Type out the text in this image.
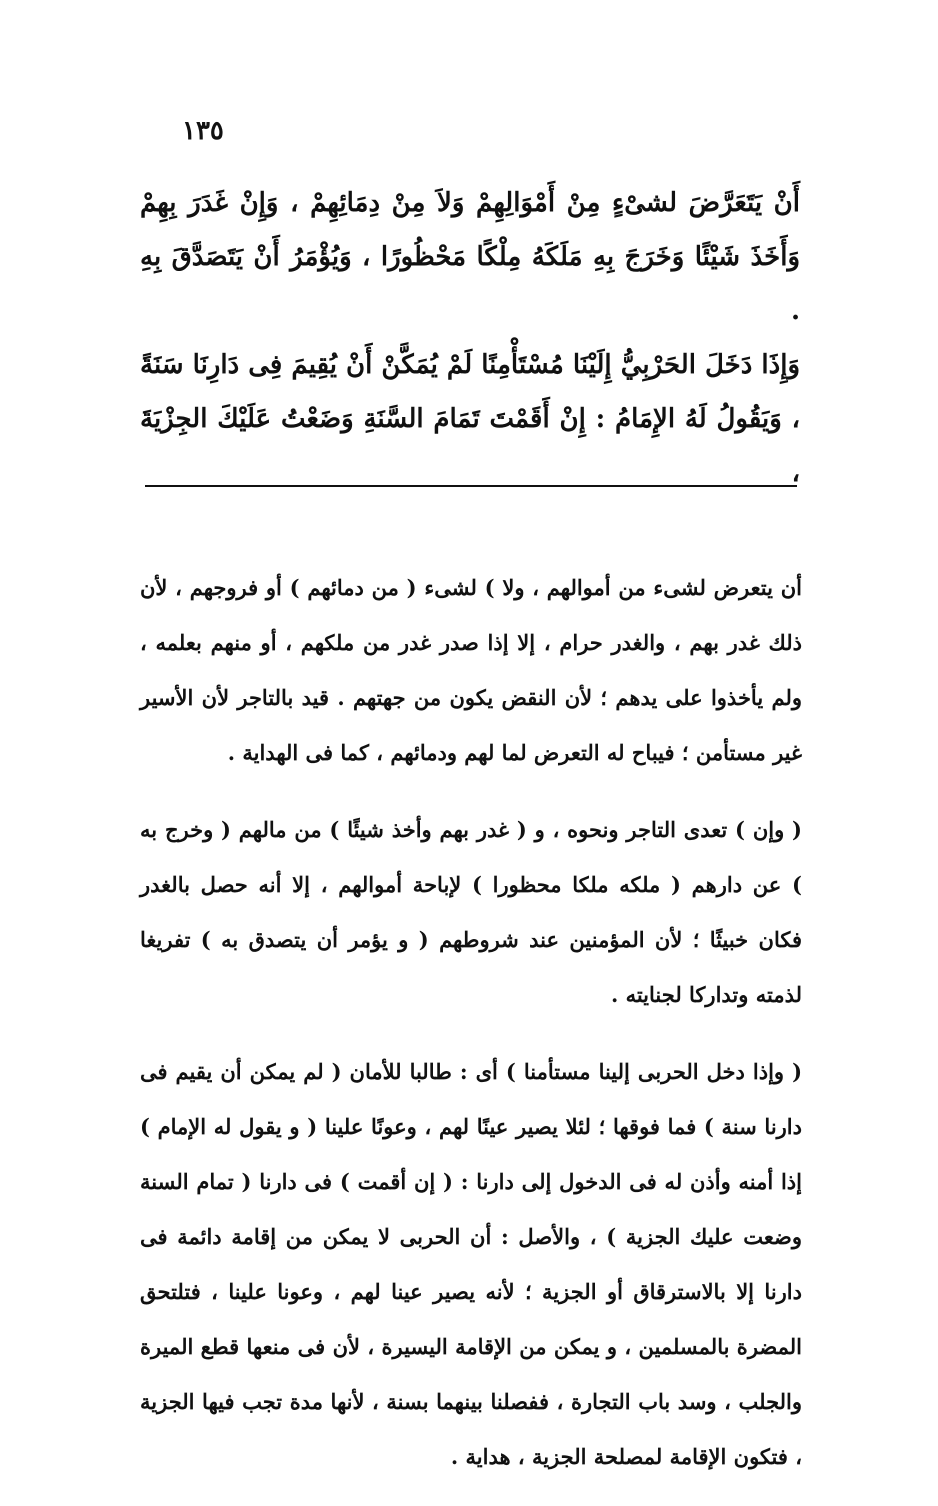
١٣٥

أَنْ يَتَعَرَّضَ لشىْءٍ مِنْ أَمْوَالِهِمْ وَلاَ مِنْ دِمَائِهِمْ ، وَإِنْ غَدَرَ بِهِمْ وَأَخَذَ شَيْئًا وَخَرَجَ بِهِ مَلَكَهُ مِلْكًا مَحْظُورًا ، وَيُؤْمَرُ أَنْ يَتَصَدَّقَ بِهِ .

وَإِذَا دَخَلَ الحَرْبِيُّ إِلَيْنَا مُسْتَأْمِنًا لَمْ يُمَكَّنْ أَنْ يُقِيمَ فِى دَارِنَا سَنَةً ، وَيَقُولُ لَهُ الإِمَامُ : إِنْ أَقَمْتَ تَمَامَ السَّنَةِ وَضَعْتُ عَلَيْكَ الجِزْيَةَ ،

أن يتعرض لشىء من أموالهم ، ولا ) لشىء ( من دمائهم ) أو فروجهم ، لأن ذلك غدر بهم ، والغدر حرام ، إلا إذا صدر غدر من ملكهم ، أو منهم بعلمه ، ولم يأخذوا على يدهم ؛ لأن النقض يكون من جهتهم . قيد بالتاجر لأن الأسير غير مستأمن ؛ فيباح له التعرض لما لهم ودمائهم ، كما فى الهداية .

( وإن ) تعدى التاجر ونحوه ، و ( غدر بهم وأخذ شيئًا ) من مالهم ( وخرج به ) عن دارهم ( ملكه ملكا محظورا ) لإباحة أموالهم ، إلا أنه حصل بالغدر فكان خبيثًا ؛ لأن المؤمنين عند شروطهم ( و يؤمر أن يتصدق به ) تفريغا لذمته وتداركا لجنايته .

( وإذا دخل الحربى إلينا مستأمنا ) أى : طالبا للأمان ( لم يمكن أن يقيم فى دارنا سنة ) فما فوقها ؛ لئلا يصير عينًا لهم ، وعونًا علينا ( و يقول له الإمام ) إذا أمنه وأذن له فى الدخول إلى دارنا : ( إن أقمت ) فى دارنا ( تمام السنة وضعت عليك الجزية ) ، والأصل : أن الحربى لا يمكن من إقامة دائمة فى دارنا إلا بالاسترقاق أو الجزية ؛ لأنه يصير عينا لهم ، وعونا علينا ، فتلتحق المضرة بالمسلمين ، و يمكن من الإقامة اليسيرة ، لأن فى منعها قطع الميرة والجلب ، وسد باب التجارة ، ففصلنا بينهما بسنة ، لأنها مدة تجب فيها الجزية ، فتكون الإقامة لمصلحة الجزية ، هداية .
